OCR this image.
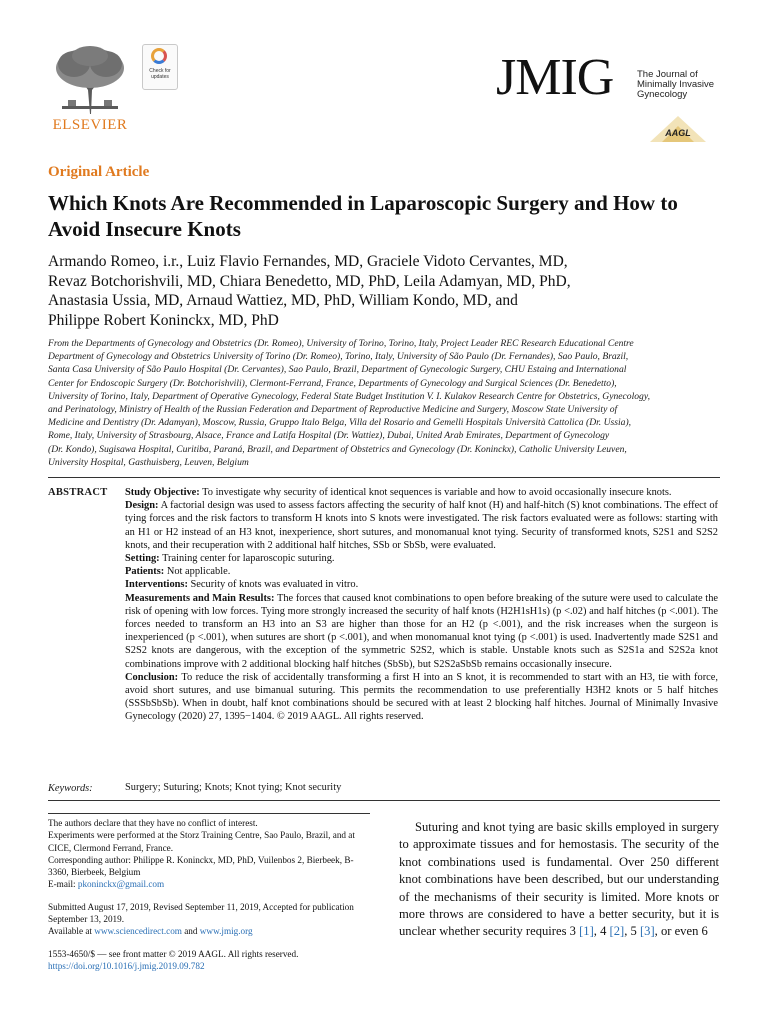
ELSEVIER
Check for updates	JMIG The Journal of
Minimally Invasive
Gynecology
AAGL
Original Article
Which Knots Are Recommended in Laparoscopic Surgery and How to Avoid Insecure Knots
Armando Romeo, i.r., Luiz Flavio Fernandes, MD, Graciele Vidoto Cervantes, MD,
Revaz Botchorishvili, MD, Chiara Benedetto, MD, PhD, Leila Adamyan, MD, PhD,
Anastasia Ussia, MD, Arnaud Wattiez, MD, PhD, William Kondo, MD, and
Philippe Robert Koninckx, MD, PhD
From the Departments of Gynecology and Obstetrics (Dr. Romeo), University of Torino, Torino, Italy, Project Leader REC Research Educational Centre
Department of Gynecology and Obstetrics University of Torino (Dr. Romeo), Torino, Italy, University of São Paulo (Dr. Fernandes), Sao Paulo, Brazil,
Santa Casa University of São Paulo Hospital (Dr. Cervantes), Sao Paulo, Brazil, Department of Gynecologic Surgery, CHU Estaing and International
Center for Endoscopic Surgery (Dr. Botchorishvili), Clermont-Ferrand, France, Departments of Gynecology and Surgical Sciences (Dr. Benedetto),
University of Torino, Italy, Department of Operative Gynecology, Federal State Budget Institution V. I. Kulakov Research Centre for Obstetrics, Gynecology,
and Perinatology, Ministry of Health of the Russian Federation and Department of Reproductive Medicine and Surgery, Moscow State University of
Medicine and Dentistry (Dr. Adamyan), Moscow, Russia, Gruppo Italo Belga, Villa del Rosario and Gemelli Hospitals Università Cattolica (Dr. Ussia),
Rome, Italy, University of Strasbourg, Alsace, France and Latifa Hospital (Dr. Wattiez), Dubai, United Arab Emirates, Department of Gynecology
(Dr. Kondo), Sugisawa Hospital, Curitiba, Paraná, Brazil, and Department of Obstetrics and Gynecology (Dr. Koninckx), Catholic University Leuven,
University Hospital, Gasthuisberg, Leuven, Belgium
ABSTRACT Study Objective: To investigate why security of identical knot sequences is variable and how to avoid occasionally insecure knots.

Design: A factorial design was used to assess factors affecting the security of half knot (H) and half-hitch (S) knot combinations. The effect of tying forces and the risk factors to transform H knots into S knots were investigated. The risk factors evaluated were as follows: starting with an H1 or H2 instead of an H3 knot, inexperience, short sutures, and monomanual knot tying. Security of transformed knots, S2S1 and S2S2 knots, and their recuperation with 2 additional half hitches, SSb or SbSb, were evaluated.

Setting: Training center for laparoscopic suturing.

Patients: Not applicable.

Interventions: Security of knots was evaluated in vitro.

Measurements and Main Results: The forces that caused knot combinations to open before breaking of the suture were used to calculate the risk of opening with low forces. Tying more strongly increased the security of half knots (H2H1sH1s) (p <.02) and half hitches (p <.001). The forces needed to transform an H3 into an S3 are higher than those for an H2 (p <.001), and the risk increases when the surgeon is inexperienced (p <.001), when sutures are short (p <.001), and when monomanual knot tying (p <.001) is used. Inadvertently made S2S1 and S2S2 knots are dangerous, with the exception of the symmetric S2S2, which is stable. Unstable knots such as S2S1a and S2S2a knot combinations improve with 2 additional blocking half hitches (SbSb), but S2S2aSbSb remains occasionally insecure.

Conclusion: To reduce the risk of accidentally transforming a first H into an S knot, it is recommended to start with an H3, tie with force, avoid short sutures, and use bimanual suturing. This permits the recommendation to use preferentially H3H2 knots or 5 half hitches (SSSbSbSb). When in doubt, half knot combinations should be secured with at least 2 blocking half hitches. Journal of Minimally Invasive Gynecology (2020) 27, 1395−1404. © 2019 AAGL. All rights reserved.

Keywords:	Surgery; Suturing; Knots; Knot tying; Knot security

The authors declare that they have no conflict of interest.

Experiments were performed at the Storz Training Centre, Sao Paulo, Brazil, and at CICE, Clermond Ferrand, France.

Corresponding author: Philippe R. Koninckx, MD, PhD, Vuilenbos 2, Bierbeek, B-3360, Bierbeek, Belgium

E-mail: pkoninckx@gmail.com

Submitted August 17, 2019, Revised September 11, 2019, Accepted for publication September 13, 2019.

Available at www.sciencedirect.com and www.jmig.org

1553-4650/$ — see front matter © 2019 AAGL. All rights reserved.

https://doi.org/10.1016/j.jmig.2019.09.782

Suturing and knot tying are basic skills employed in surgery to approximate tissues and for hemostasis. The security of the knot combinations used is fundamental. Over 250 different knot combinations have been described, but our understanding of the mechanisms of their security is limited. More knots or more throws are considered to have a better security, but it is unclear whether security requires 3 [1], 4 [2], 5 [3], or even 6
